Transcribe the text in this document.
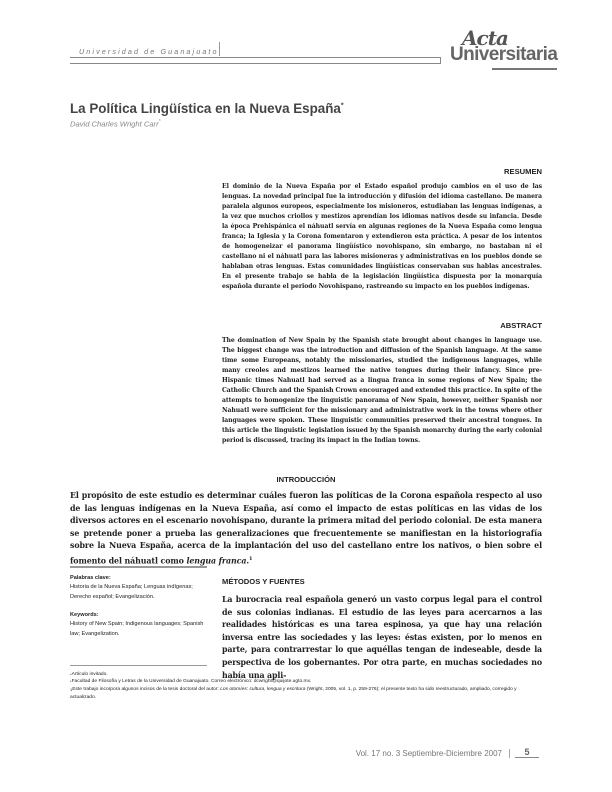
Universidad de Guanajuato
Acta
Universitaria
La Política Lingüística en la Nueva España*
David Charles Wright Carr*
RESUMEN
El dominio de la Nueva España por el Estado español produjo cambios en el uso de las lenguas. La novedad principal fue la introducción y difusión del idioma castellano. De manera paralela algunos europeos, especialmente los misioneros, estudiaban las lenguas indígenas, a la vez que muchos criollos y mestizos aprendían los idiomas nativos desde su infancia. Desde la época Prehispánica el náhuatl servía en algunas regiones de la Nueva España como lengua franca; la Iglesia y la Corona fomentaron y extendieron esta práctica. A pesar de los intentos de homogeneizar el panorama lingüístico novohispano, sin embargo, no bastaban ni el castellano ni el náhuatl para las labores misioneras y administrativas en los pueblos donde se hablaban otras lenguas. Estas comunidades lingüísticas conservaban sus hablas ancestrales. En el presente trabajo se habla de la legislación lingüística dispuesta por la monarquía española durante el periodo Novohispano, rastreando su impacto en los pueblos indígenas.
ABSTRACT
The domination of New Spain by the Spanish state brought about changes in language use. The biggest change was the introduction and diffusion of the Spanish language. At the same time some Europeans, notably the missionaries, studied the indigenous languages, while many creoles and mestizos learned the native tongues during their infancy. Since pre-Hispanic times Nahuatl had served as a lingua franca in some regions of New Spain; the Catholic Church and the Spanish Crown encouraged and extended this practice. In spite of the attempts to homogenize the linguistic panorama of New Spain, however, neither Spanish nor Nahuatl were sufficient for the missionary and administrative work in the towns where other languages were spoken. These linguistic communities preserved their ancestral tongues. In this article the linguistic legislation issued by the Spanish monarchy during the early colonial period is discussed, tracing its impact in the Indian towns.
INTRODUCCIÓN
El propósito de este estudio es determinar cuáles fueron las políticas de la Corona española respecto al uso de las lenguas indígenas en la Nueva España, así como el impacto de estas políticas en las vidas de los diversos actores en el escenario novohispano, durante la primera mitad del periodo colonial. De esta manera se pretende poner a prueba las generalizaciones que frecuentemente se manifiestan en la historiografía sobre la Nueva España, acerca de la implantación del uso del castellano entre los nativos, o bien sobre el fomento del náhuatl como lengua franca.$^1$
Palabras clave:
Historia de la Nueva España; Lenguas indígenas; Derecho español; Evangelización.
Keywords:
History of New Spain; Indigenous languages; Spanish law; Evangelization.
MÉTODOS Y FUENTES
La burocracia real española generó un vasto corpus legal para el control de sus colonias indianas. El estudio de las leyes para acercarnos a las realidades históricas es una tarea espinosa, ya que hay una relación inversa entre las sociedades y las leyes: éstas existen, por lo menos en parte, para contrarrestar lo que aquéllas tengan de indeseable, desde la perspectiva de los gobernantes. Por otra parte, en muchas sociedades no había una apli-
*Artículo invitado.
*Facultad de Filosofía y Letras de la Universidad de Guanajuato. Correo electrónico: dcwright@quijote.ugto.mx.
$^1$Este trabajo incorpora algunos incisos de la tesis doctoral del autor: Los otomíes: cultura, lengua y escritura (Wright, 2005, vol. 1, p. 259-276); el presente texto ha sido reestructurado, ampliado, corregido y actualizado.
Vol. 17 no. 3 Septiembre-Diciembre 2007	5
